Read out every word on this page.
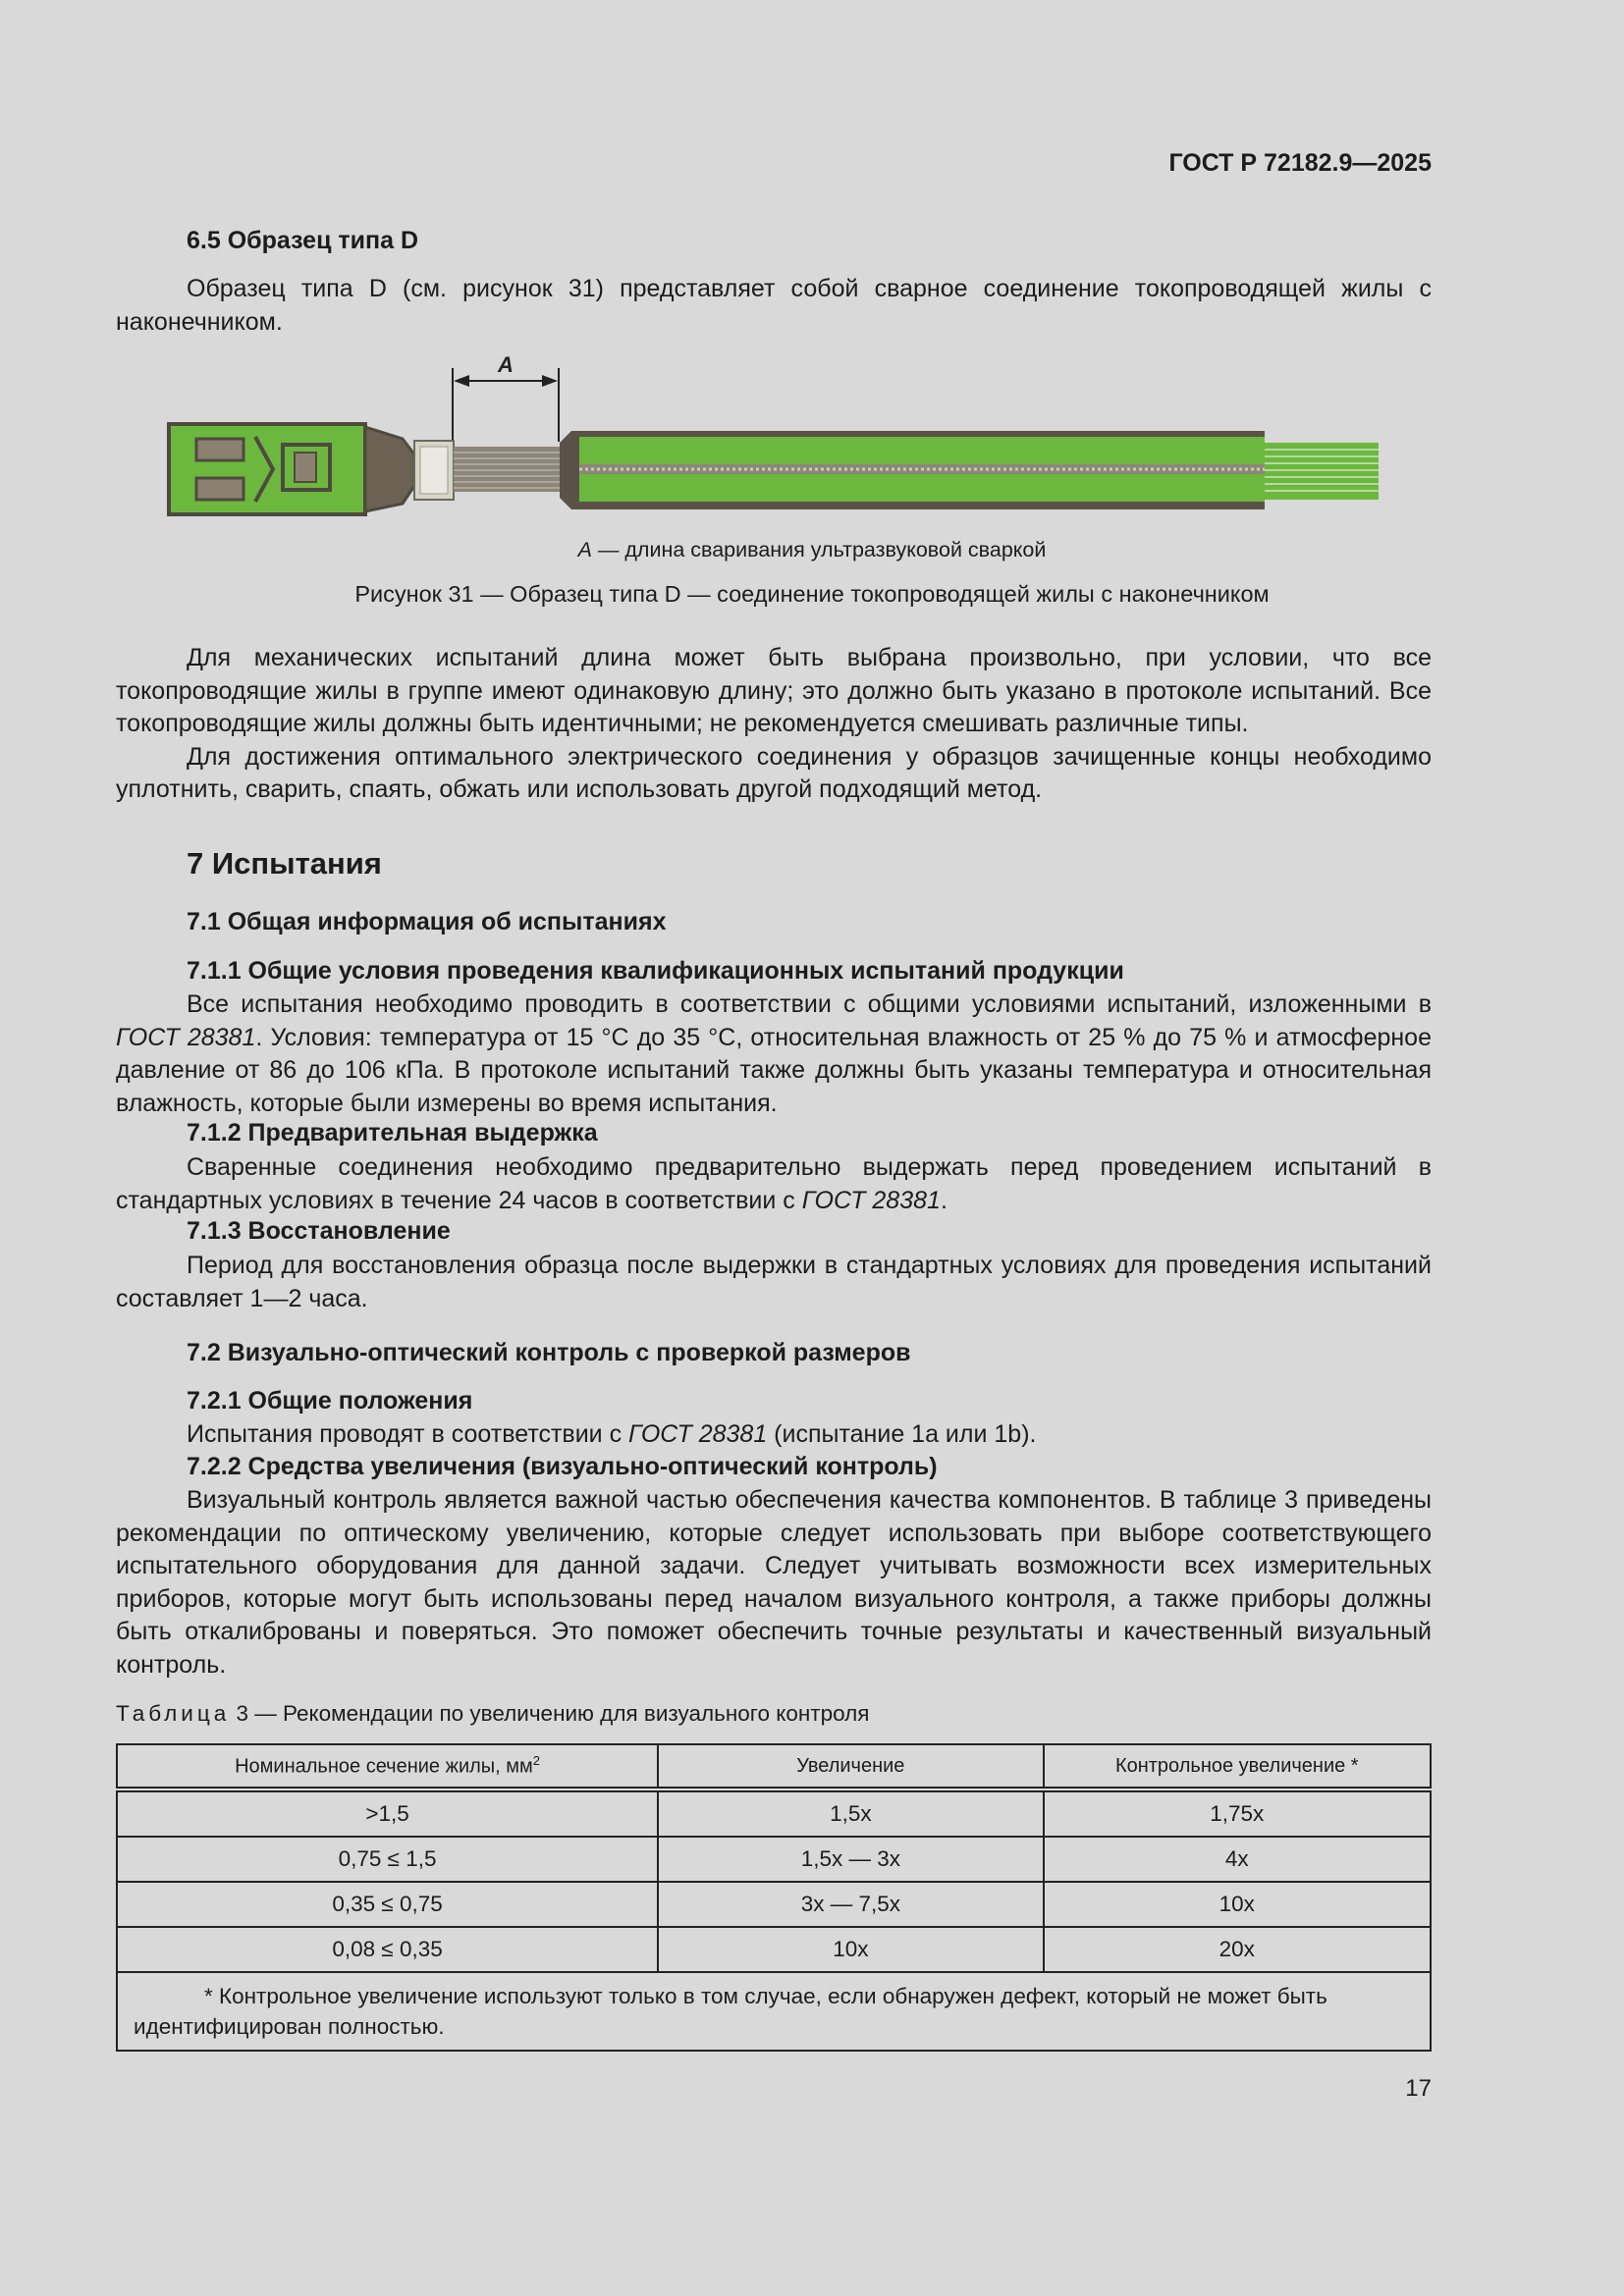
ГОСТ Р 72182.9—2025
6.5 Образец типа D

Образец типа D (см. рисунок 31) представляет собой сварное соединение токопроводящей жилы с наконечником.

A
A — длина сваривания ультразвуковой сваркой
Рисунок 31 — Образец типа D — соединение токопроводящей жилы с наконечником

Для механических испытаний длина может быть выбрана произвольно, при условии, что все токопроводящие жилы в группе имеют одинаковую длину; это должно быть указано в протоколе испытаний. Все токопроводящие жилы должны быть идентичными; не рекомендуется смешивать различные типы.

Для достижения оптимального электрического соединения у образцов зачищенные концы необходимо уплотнить, сварить, спаять, обжать или использовать другой подходящий метод.

7 Испытания
7.1 Общая информация об испытаниях
7.1.1 Общие условия проведения квалификационных испытаний продукции

Все испытания необходимо проводить в соответствии с общими условиями испытаний, изложенными в ГОСТ 28381. Условия: температура от 15 °C до 35 °C, относительная влажность от 25 % до 75 % и атмосферное давление от 86 до 106 кПа. В протоколе испытаний также должны быть указаны температура и относительная влажность, которые были измерены во время испытания.

7.1.2 Предварительная выдержка

Сваренные соединения необходимо предварительно выдержать перед проведением испытаний в стандартных условиях в течение 24 часов в соответствии с ГОСТ 28381.

7.1.3 Восстановление

Период для восстановления образца после выдержки в стандартных условиях для проведения испытаний составляет 1—2 часа.

7.2 Визуально-оптический контроль с проверкой размеров
7.2.1 Общие положения

Испытания проводят в соответствии с ГОСТ 28381 (испытание 1а или 1b).

7.2.2 Средства увеличения (визуально-оптический контроль)

Визуальный контроль является важной частью обеспечения качества компонентов. В таблице 3 приведены рекомендации по оптическому увеличению, которые следует использовать при выборе соответствующего испытательного оборудования для данной задачи. Следует учитывать возможности всех измерительных приборов, которые могут быть использованы перед началом визуального контроля, а также приборы должны быть откалиброваны и поверяться. Это поможет обеспечить точные результаты и качественный визуальный контроль.

Таблица 3 — Рекомендации по увеличению для визуального контроля
Номинальное сечение жилы, $мм^2$	Увеличение	Контрольное увеличение *
>1,5	1,5x	1,75x
0,75 ≤ 1,5	1,5x — 3x	4x
0,35 ≤ 0,75	3x — 7,5x	10x
0,08 ≤ 0,35	10x	20x
* Контрольное увеличение используют только в том случае, если обнаружен дефект, который не может быть идентифицирован полностью.		
17
